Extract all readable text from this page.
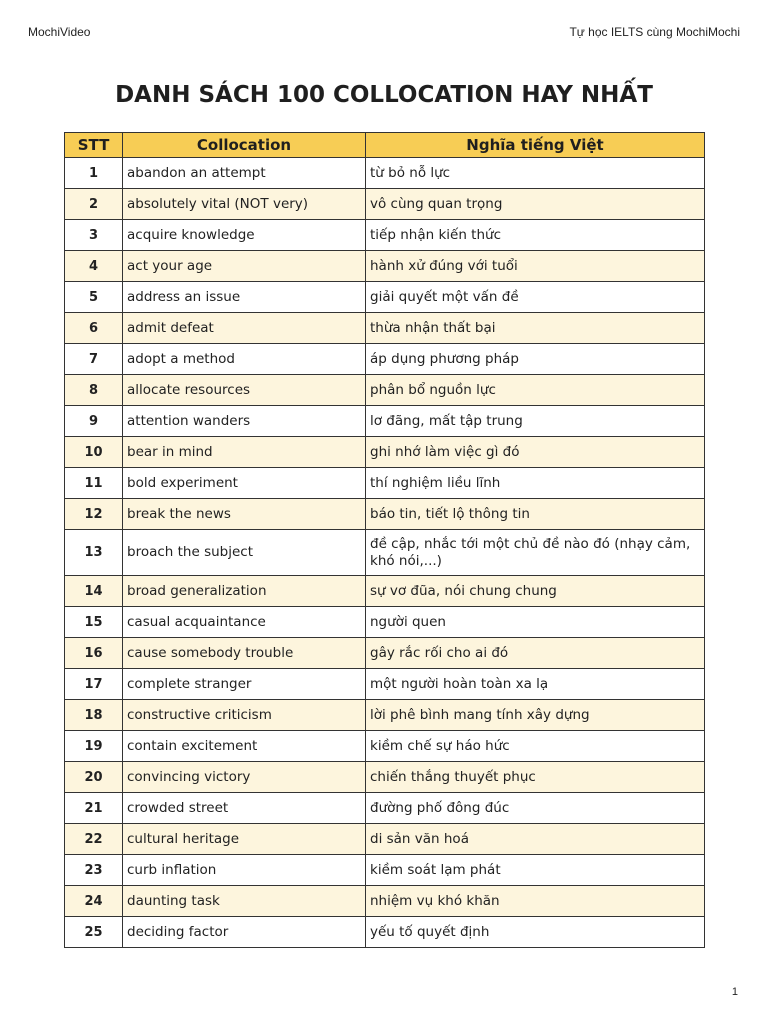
MochiVideo	Tự học IELTS cùng MochiMochi
DANH SÁCH 100 COLLOCATION HAY NHẤT
STT	Collocation	Nghĩa tiếng Việt
1	abandon an attempt	từ bỏ nỗ lực
2	absolutely vital (NOT very)	vô cùng quan trọng
3	acquire knowledge	tiếp nhận kiến thức
4	act your age	hành xử đúng với tuổi
5	address an issue	giải quyết một vấn đề
6	admit defeat	thừa nhận thất bại
7	adopt a method	áp dụng phương pháp
8	allocate resources	phân bổ nguồn lực
9	attention wanders	lơ đãng, mất tập trung
10	bear in mind	ghi nhớ làm việc gì đó
11	bold experiment	thí nghiệm liều lĩnh
12	break the news	báo tin, tiết lộ thông tin
13	broach the subject	đề cập, nhắc tới một chủ đề nào đó (nhạy cảm, khó nói,...)
14	broad generalization	sự vơ đũa, nói chung chung
15	casual acquaintance	người quen
16	cause somebody trouble	gây rắc rối cho ai đó
17	complete stranger	một người hoàn toàn xa lạ
18	constructive criticism	lời phê bình mang tính xây dựng
19	contain excitement	kiềm chế sự háo hức
20	convincing victory	chiến thắng thuyết phục
21	crowded street	đường phố đông đúc
22	cultural heritage	di sản văn hoá
23	curb inflation	kiềm soát lạm phát
24	daunting task	nhiệm vụ khó khăn
25	deciding factor	yếu tố quyết định
1
